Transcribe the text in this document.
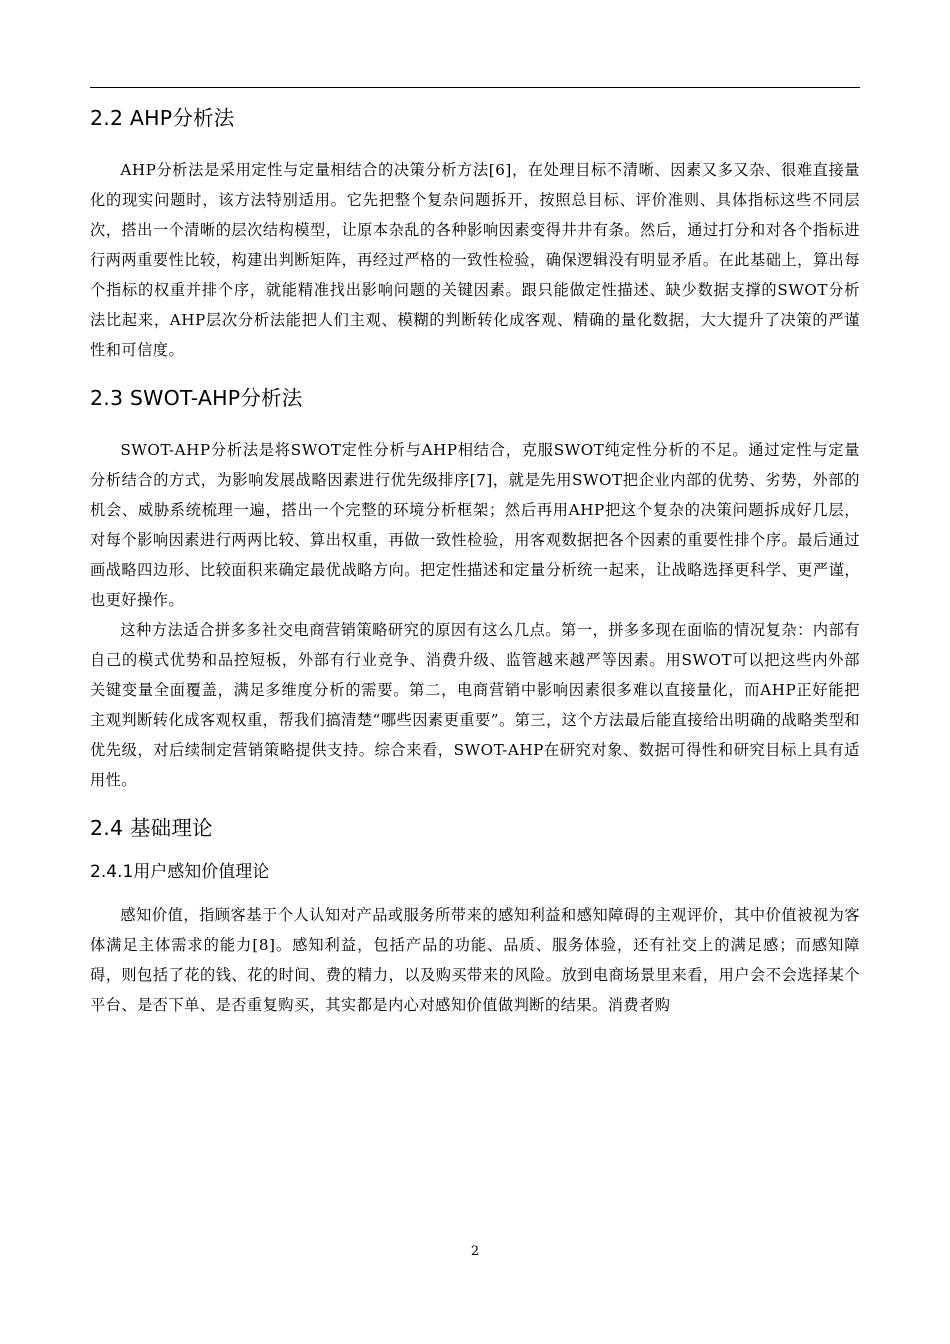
2.2 AHP分析法

AHP分析法是采用定性与定量相结合的决策分析方法[6]，在处理目标不清晰、因素又多又杂、很难直接量化的现实问题时，该方法特别适用。它先把整个复杂问题拆开，按照总目标、评价准则、具体指标这些不同层次，搭出一个清晰的层次结构模型，让原本杂乱的各种影响因素变得井井有条。然后，通过打分和对各个指标进行两两重要性比较，构建出判断矩阵，再经过严格的一致性检验，确保逻辑没有明显矛盾。在此基础上，算出每个指标的权重并排个序，就能精准找出影响问题的关键因素。跟只能做定性描述、缺少数据支撑的SWOT分析法比起来，AHP层次分析法能把人们主观、模糊的判断转化成客观、精确的量化数据，大大提升了决策的严谨性和可信度。

2.3 SWOT-AHP分析法

SWOT-AHP分析法是将SWOT定性分析与AHP相结合，克服SWOT纯定性分析的不足。通过定性与定量分析结合的方式，为影响发展战略因素进行优先级排序[7]，就是先用SWOT把企业内部的优势、劣势，外部的机会、威胁系统梳理一遍，搭出一个完整的环境分析框架；然后再用AHP把这个复杂的决策问题拆成好几层，对每个影响因素进行两两比较、算出权重，再做一致性检验，用客观数据把各个因素的重要性排个序。最后通过画战略四边形、比较面积来确定最优战略方向。把定性描述和定量分析统一起来，让战略选择更科学、更严谨，也更好操作。

这种方法适合拼多多社交电商营销策略研究的原因有这么几点。第一，拼多多现在面临的情况复杂：内部有自己的模式优势和品控短板，外部有行业竞争、消费升级、监管越来越严等因素。用SWOT可以把这些内外部关键变量全面覆盖，满足多维度分析的需要。第二，电商营销中影响因素很多难以直接量化，而AHP正好能把主观判断转化成客观权重，帮我们搞清楚“哪些因素更重要”。第三，这个方法最后能直接给出明确的战略类型和优先级，对后续制定营销策略提供支持。综合来看，SWOT-AHP在研究对象、数据可得性和研究目标上具有适用性。

2.4 基础理论
2.4.1用户感知价值理论

感知价值，指顾客基于个人认知对产品或服务所带来的感知利益和感知障碍的主观评价，其中价值被视为客体满足主体需求的能力[8]。感知利益，包括产品的功能、品质、服务体验，还有社交上的满足感；而感知障碍，则包括了花的钱、花的时间、费的精力，以及购买带来的风险。放到电商场景里来看，用户会不会选择某个平台、是否下单、是否重复购买，其实都是内心对感知价值做判断的结果。消费者购

2
